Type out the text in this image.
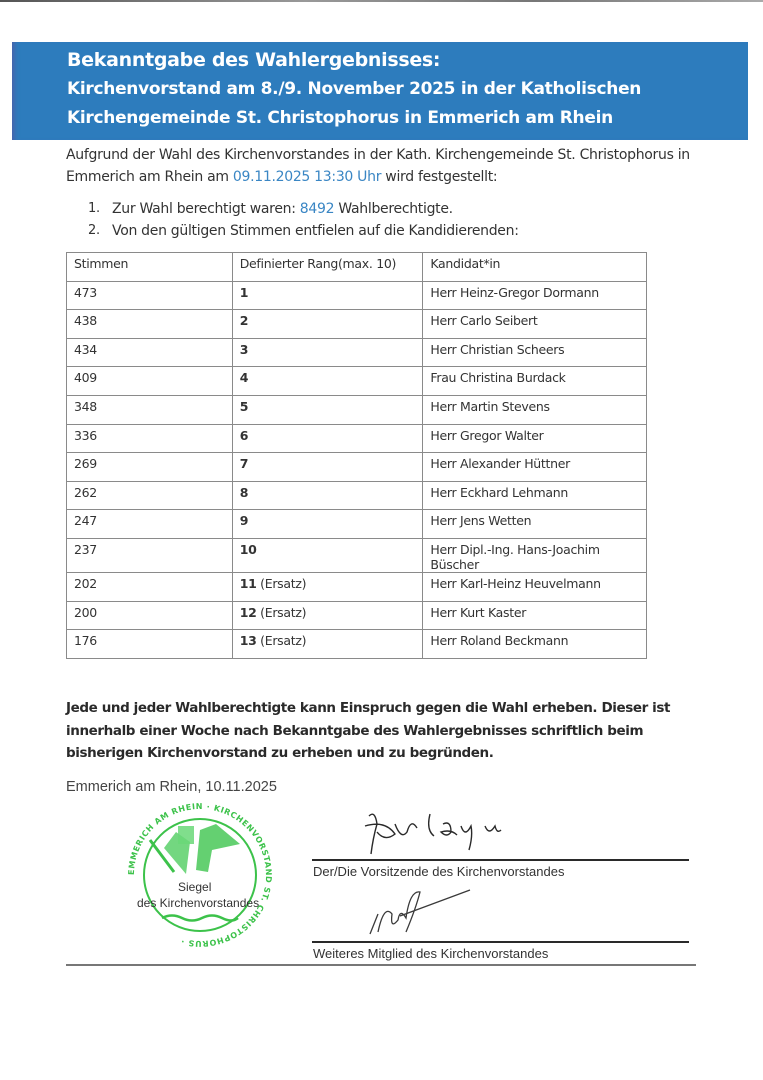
Bekanntgabe des Wahlergebnisses:
Kirchenvorstand am 8./9. November 2025 in der Katholischen
Kirchengemeinde St. Christophorus in Emmerich am Rhein
Aufgrund der Wahl des Kirchenvorstandes in der Kath. Kirchengemeinde St. Christophorus in Emmerich am Rhein am 09.11.2025 13:30 Uhr wird festgestellt:
1. Zur Wahl berechtigt waren: 8492 Wahlberechtigte.
2. Von den gültigen Stimmen entfielen auf die Kandidierenden:
Stimmen	Definierter Rang(max. 10)	Kandidat*in
473	1	Herr Heinz-Gregor Dormann
438	2	Herr Carlo Seibert
434	3	Herr Christian Scheers
409	4	Frau Christina Burdack
348	5	Herr Martin Stevens
336	6	Herr Gregor Walter
269	7	Herr Alexander Hüttner
262	8	Herr Eckhard Lehmann
247	9	Herr Jens Wetten
237	10	Herr Dipl.-Ing. Hans-Joachim Büscher
202	11 (Ersatz)	Herr Karl-Heinz Heuvelmann
200	12 (Ersatz)	Herr Kurt Kaster
176	13 (Ersatz)	Herr Roland Beckmann
Jede und jeder Wahlberechtigte kann Einspruch gegen die Wahl erheben. Dieser ist innerhalb einer Woche nach Bekanntgabe des Wahlergebnisses schriftlich beim bisherigen Kirchenvorstand zu erheben und zu begründen.
Emmerich am Rhein, 10.11.2025
EMMERICH AM RHEIN · KIRCHENVORSTAND ST. CHRISTOPHORUS ·
Siegel
des Kirchenvorstandes
Der/Die Vorsitzende des Kirchenvorstandes
Weiteres Mitglied des Kirchenvorstandes
